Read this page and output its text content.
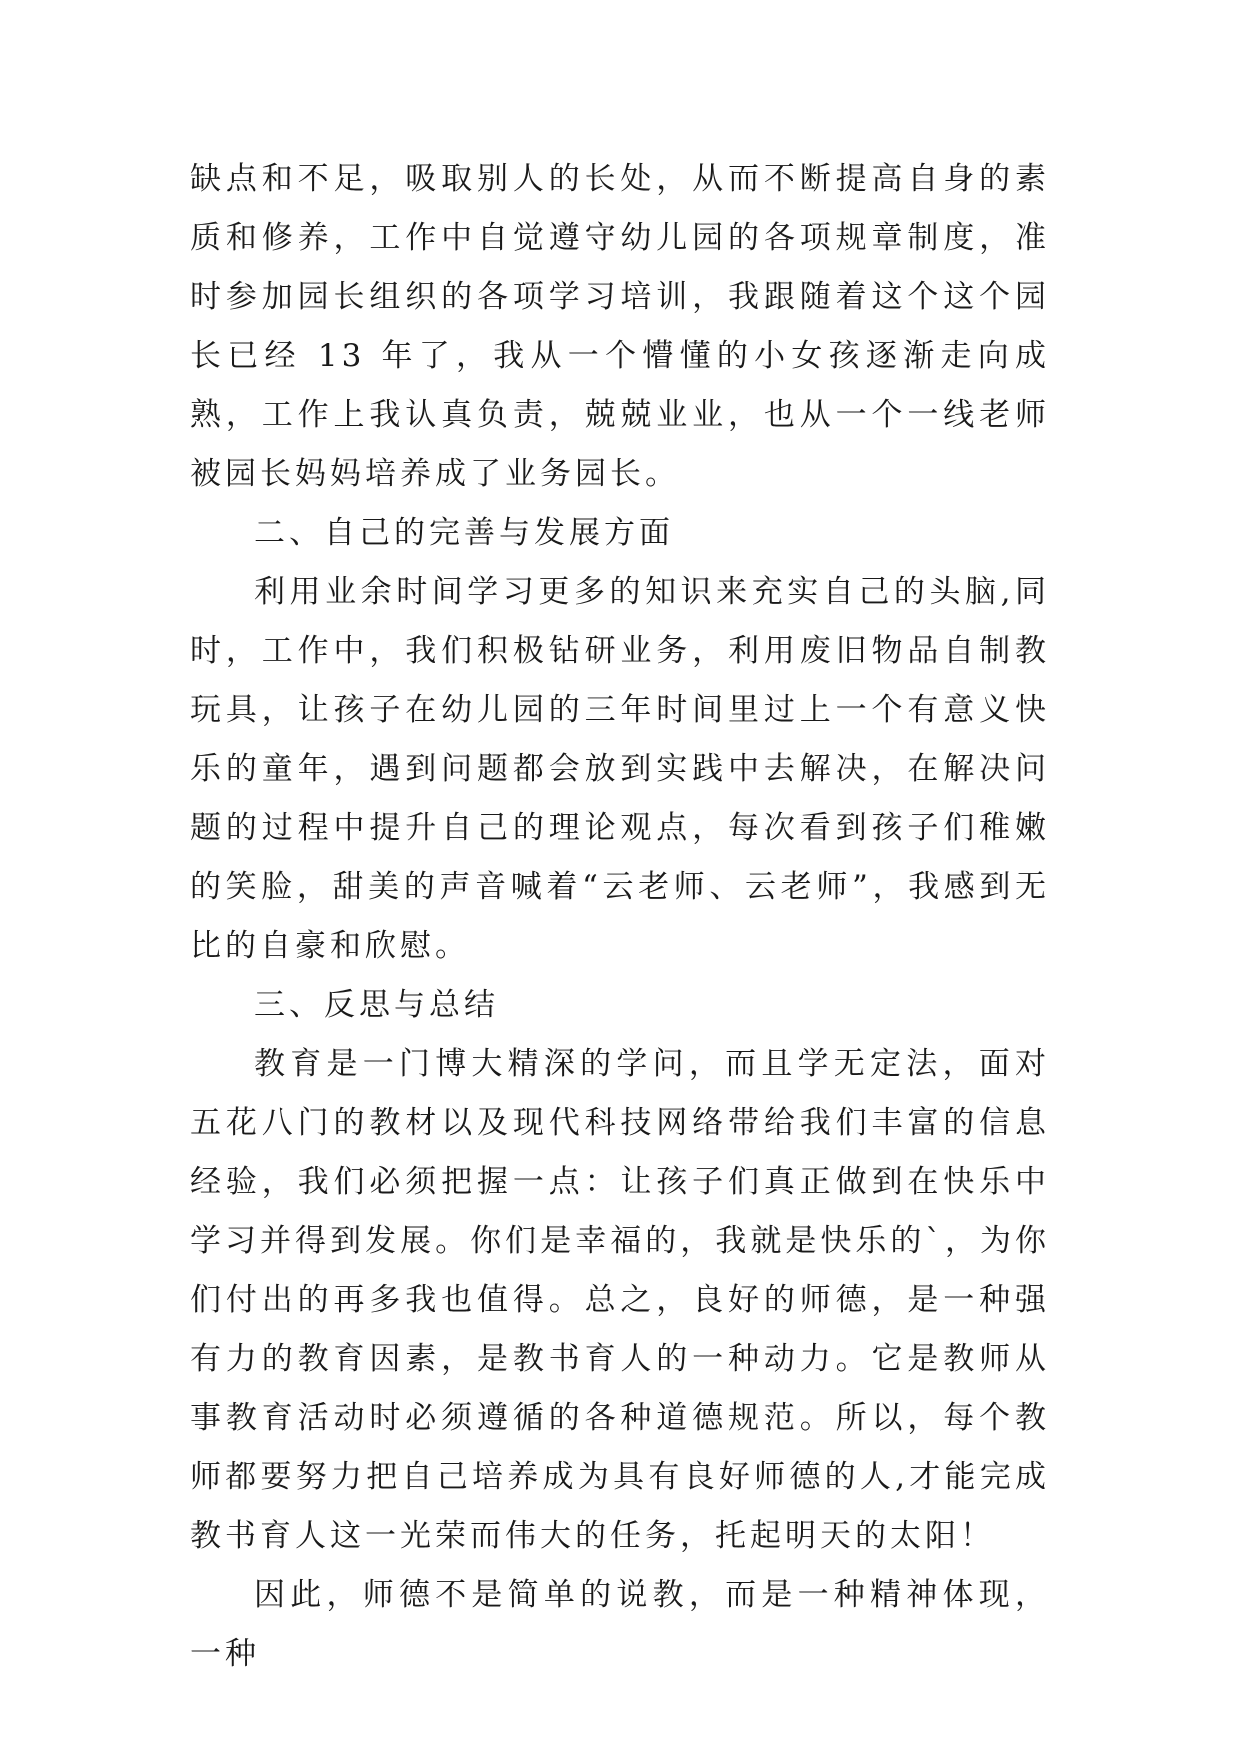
缺点和不足，吸取别人的长处，从而不断提高自身的素质和修养，工作中自觉遵守幼儿园的各项规章制度，准时参加园长组织的各项学习培训，我跟随着这个这个园长已经 13 年了，我从一个懵懂的小女孩逐渐走向成熟，工作上我认真负责，兢兢业业，也从一个一线老师被园长妈妈培养成了业务园长。

二、自己的完善与发展方面

利用业余时间学习更多的知识来充实自己的头脑,同时，工作中，我们积极钻研业务，利用废旧物品自制教玩具，让孩子在幼儿园的三年时间里过上一个有意义快乐的童年，遇到问题都会放到实践中去解决，在解决问题的过程中提升自己的理论观点，每次看到孩子们稚嫩的笑脸，甜美的声音喊着“云老师、云老师”，我感到无比的自豪和欣慰。

三、反思与总结

教育是一门博大精深的学问，而且学无定法，面对五花八门的教材以及现代科技网络带给我们丰富的信息经验，我们必须把握一点：让孩子们真正做到在快乐中学习并得到发展。你们是幸福的，我就是快乐的`，为你们付出的再多我也值得。总之，良好的师德，是一种强有力的教育因素，是教书育人的一种动力。它是教师从事教育活动时必须遵循的各种道德规范。所以，每个教师都要努力把自己培养成为具有良好师德的人,才能完成教书育人这一光荣而伟大的任务，托起明天的太阳！

因此，师德不是简单的说教，而是一种精神体现，一种
